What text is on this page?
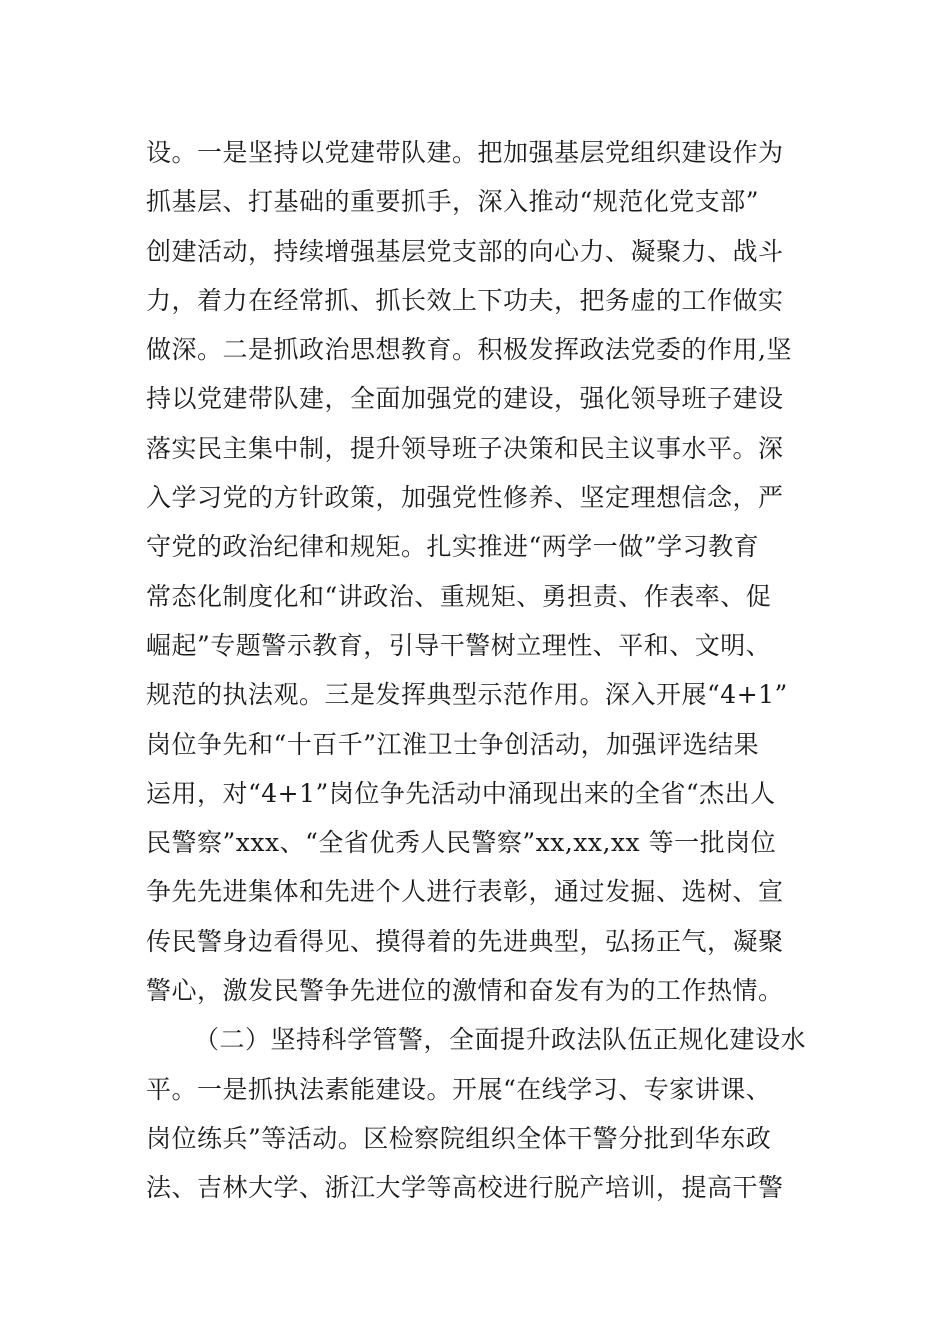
设。一是坚持以党建带队建。把加强基层党组织建设作为
抓基层、打基础的重要抓手，深入推动“规范化党支部”
创建活动，持续增强基层党支部的向心力、凝聚力、战斗
力，着力在经常抓、抓长效上下功夫，把务虚的工作做实
做深。二是抓政治思想教育。积极发挥政法党委的作用,坚
持以党建带队建，全面加强党的建设，强化领导班子建设
落实民主集中制，提升领导班子决策和民主议事水平。深
入学习党的方针政策，加强党性修养、坚定理想信念，严
守党的政治纪律和规矩。扎实推进“两学一做”学习教育
常态化制度化和“讲政治、重规矩、勇担责、作表率、促
崛起”专题警示教育，引导干警树立理性、平和、文明、
规范的执法观。三是发挥典型示范作用。深入开展“4+1”
岗位争先和“十百千”江淮卫士争创活动，加强评选结果
运用，对“4+1”岗位争先活动中涌现出来的全省“杰出人
民警察”xxx、“全省优秀人民警察”xx,xx,xx 等一批岗位
争先先进集体和先进个人进行表彰，通过发掘、选树、宣
传民警身边看得见、摸得着的先进典型，弘扬正气，凝聚
警心，激发民警争先进位的激情和奋发有为的工作热情。
（二）坚持科学管警，全面提升政法队伍正规化建设水
平。一是抓执法素能建设。开展“在线学习、专家讲课、
岗位练兵”等活动。区检察院组织全体干警分批到华东政
法、吉林大学、浙江大学等高校进行脱产培训，提高干警
